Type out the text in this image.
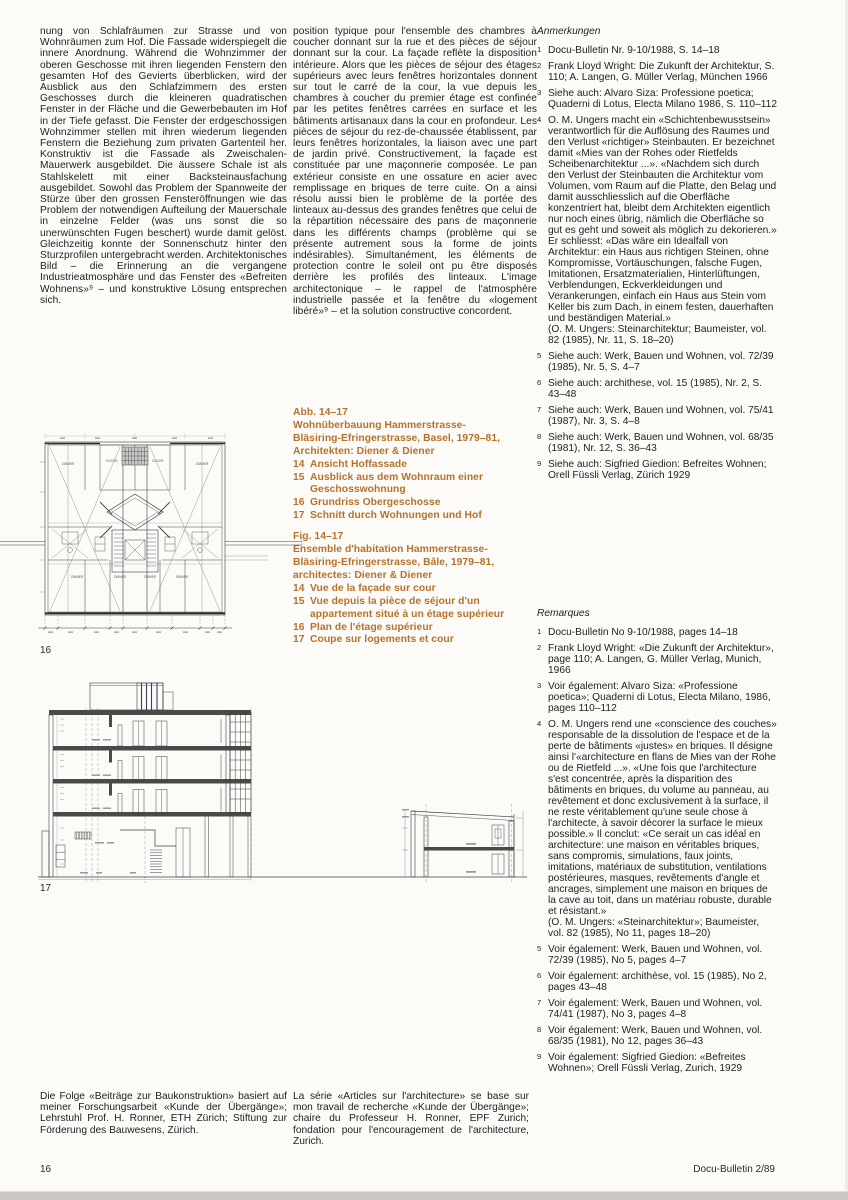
nung von Schlafräumen zur Strasse und von Wohnräumen zum Hof. Die Fassade widerspiegelt die innere Anordnung. Während die Wohnzimmer der oberen Geschosse mit ihren liegenden Fenstern den gesamten Hof des Gevierts überblicken, wird der Ausblick aus den Schlafzimmern des ersten Geschosses durch die kleineren quadratischen Fenster in der Fläche und die Gewerbebauten im Hof in der Tiefe gefasst. Die Fenster der erdgeschossigen Wohnzimmer stellen mit ihren wiederum liegenden Fenstern die Beziehung zum privaten Gartenteil her. Konstruktiv ist die Fassade als Zweischalen-Mauerwerk ausgebildet. Die äussere Schale ist als Stahlskelett mit einer Backsteinausfachung ausgebildet. Sowohl das Problem der Spannweite der Stürze über den grossen Fensteröffnungen wie das Problem der notwendigen Aufteilung der Mauerschale in einzelne Felder (was uns sonst die so unerwünschten Fugen beschert) wurde damit gelöst. Gleichzeitig konnte der Sonnenschutz hinter den Sturzprofilen untergebracht werden. Architektonisches Bild – die Erinnerung an die vergangene Industrieatmosphäre und das Fenster des «Befreiten Wohnens»⁹ – und konstruktive Lösung entsprechen sich.
position typique pour l'ensemble des chambres à coucher donnant sur la rue et des pièces de séjour donnant sur la cour. La façade reflète la disposition intérieure. Alors que les pièces de séjour des étages supérieurs avec leurs fenêtres horizontales donnent sur tout le carré de la cour, la vue depuis les chambres à coucher du premier étage est confinée par les petites fenêtres carrées en surface et les bâtiments artisanaux dans la cour en profondeur. Les pièces de séjour du rez-de-chaussée établissent, par leurs fenêtres horizontales, la liaison avec une part de jardin privé. Constructivement, la façade est constituée par une maçonnerie composée. Le pan extérieur consiste en une ossature en acier avec remplissage en briques de terre cuite. On a ainsi résolu aussi bien le problème de la portée des linteaux au-dessus des grandes fenêtres que celui de la répartition nécessaire des pans de maçonnerie dans les différents champs (problème qui se présente autrement sous la forme de joints indésirables). Simultanément, les éléments de protection contre le soleil ont pu être disposés derrière les profilés des linteaux. L'image architectonique – le rappel de l'atmosphère industrielle passée et la fenêtre du «logement libéré»⁹ – et la solution constructive concordent.
Abb. 14–17
Wohnüberbauung Hammerstrasse-
Bläsiring-Efringerstrasse, Basel, 1979–81,
Architekten: Diener & Diener
14 Ansicht Hoffassade
15 Ausblick aus dem Wohnraum einer Geschosswohnung
16 Grundriss Obergeschosse
17 Schnitt durch Wohnungen und Hof
Fig. 14–17
Ensemble d'habitation Hammerstrasse-
Bläsiring-Efringerstrasse, Bâle, 1979–81,
architectes: Diener & Diener
14 Vue de la façade sur cour
15 Vue depuis la pièce de séjour d'un appartement situé à un étage supérieur
16 Plan de l'étage supérieur
17 Coupe sur logements et cour
ZIMMER	ZIMMER
KÜCHE	KÜCHE
ZIMMER	ZIMMER	ZIMMER	ZIMMER
16
17
Anmerkungen
1 Docu-Bulletin Nr. 9-10/1988, S. 14–18
2 Frank Lloyd Wright: Die Zukunft der Architektur, S. 110; A. Langen, G. Müller Verlag, München 1966
3 Siehe auch: Alvaro Siza: Professione poetica; Quaderni di Lotus, Electa Milano 1986, S. 110–112
4 O. M. Ungers macht ein «Schichtenbewusstsein» verantwortlich für die Auflösung des Raumes und den Verlust «richtiger» Steinbauten. Er bezeichnet damit «Mies van der Rohes oder Rietfelds Scheibenarchitektur ...». «Nachdem sich durch den Verlust der Steinbauten die Architektur vom Volumen, vom Raum auf die Platte, den Belag und damit ausschliesslich auf die Oberfläche konzentriert hat, bleibt dem Architekten eigentlich nur noch eines übrig, nämlich die Oberfläche so gut es geht und soweit als möglich zu dekorieren.» Er schliesst: «Das wäre ein Idealfall von Architektur: ein Haus aus richtigen Steinen, ohne Kompromisse, Vortäuschungen, falsche Fugen, Imitationen, Ersatzmaterialien, Hinterlüftungen, Verblendungen, Eckverkleidungen und Verankerungen, einfach ein Haus aus Stein vom Keller bis zum Dach, in einem festen, dauerhaften und beständigen Material.»
(O. M. Ungers: Steinarchitektur; Baumeister, vol. 82 (1985), Nr. 11, S. 18–20)
5 Siehe auch: Werk, Bauen und Wohnen, vol. 72/39 (1985), Nr. 5, S. 4–7
6 Siehe auch: archithese, vol. 15 (1985), Nr. 2, S. 43–48
7 Siehe auch: Werk, Bauen und Wohnen, vol. 75/41 (1987), Nr. 3, S. 4–8
8 Siehe auch: Werk, Bauen und Wohnen, vol. 68/35 (1981), Nr. 12, S. 36–43
9 Siehe auch: Sigfried Giedion: Befreites Wohnen; Orell Füssli Verlag, Zürich 1929
Remarques
1 Docu-Bulletin No 9-10/1988, pages 14–18
2 Frank Lloyd Wright: «Die Zukunft der Architektur», page 110; A. Langen, G. Müller Verlag, Munich, 1966
3 Voir également: Alvaro Siza: «Professione poetica»; Quaderni di Lotus, Electa Milano, 1986, pages 110–112
4 O. M. Ungers rend une «conscience des couches» responsable de la dissolution de l'espace et de la perte de bâtiments «justes» en briques. Il désigne ainsi l'«architecture en flans de Mies van der Rohe ou de Rietfeld ...». «Une fois que l'architecture s'est concentrée, après la disparition des bâtiments en briques, du volume au panneau, au revêtement et donc exclusivement à la surface, il ne reste véritablement qu'une seule chose à l'architecte, à savoir décorer la surface le mieux possible.» Il conclut: «Ce serait un cas idéal en architecture: une maison en véritables briques, sans compromis, simulations, faux joints, imitations, matériaux de substitution, ventilations postérieures, masques, revêtements d'angle et ancrages, simplement une maison en briques de la cave au toit, dans un matériau robuste, durable et résistant.»
(O. M. Ungers: «Steinarchitektur»; Baumeister, vol. 82 (1985), No 11, pages 18–20)
5 Voir également: Werk, Bauen und Wohnen, vol. 72/39 (1985), No 5, pages 4–7
6 Voir également: archithèse, vol. 15 (1985), No 2, pages 43–48
7 Voir également: Werk, Bauen und Wohnen, vol. 74/41 (1987), No 3, pages 4–8
8 Voir également: Werk, Bauen und Wohnen, vol. 68/35 (1981), No 12, pages 36–43
9 Voir également: Sigfried Giedion: «Befreites Wohnen»; Orell Füssli Verlag, Zurich, 1929
Die Folge «Beiträge zur Baukonstruktion» basiert auf meiner Forschungsarbeit «Kunde der Übergänge»; Lehrstuhl Prof. H. Ronner, ETH Zürich; Stiftung zur Förderung des Bauwesens, Zürich.
La série «Articles sur l'architecture» se base sur mon travail de recherche «Kunde der Übergänge»; chaire du Professeur H. Ronner, EPF Zurich; fondation pour l'encouragement de l'architecture, Zurich.
16	Docu-Bulletin 2/89
